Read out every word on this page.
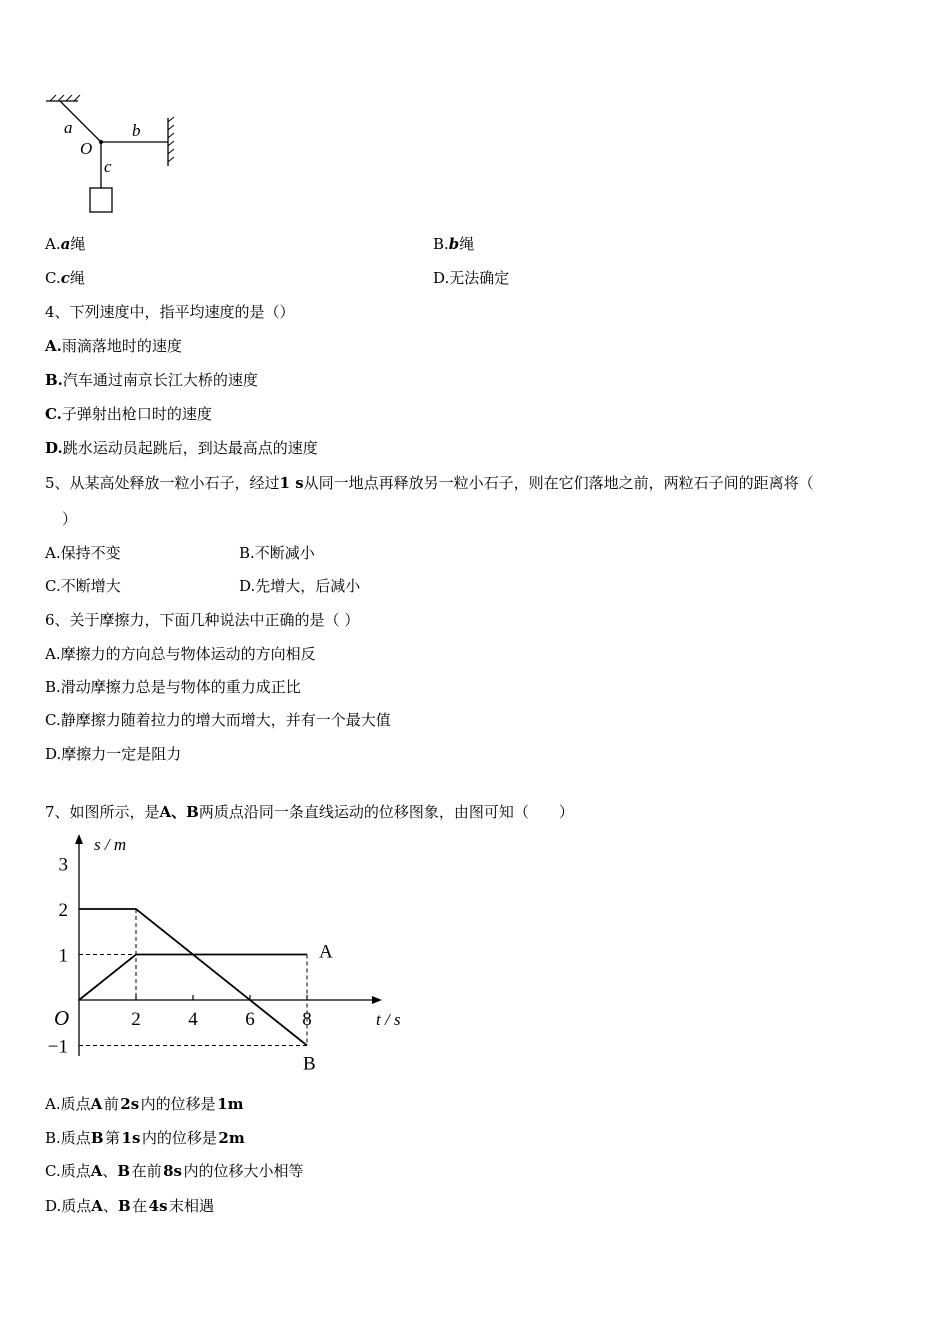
a	b
O
c
A.a绳	B.b绳
C.c绳	D.无法确定
4、下列速度中，指平均速度的是（）
A.雨滴落地时的速度
B.汽车通过南京长江大桥的速度
C.子弹射出枪口时的速度
D.跳水运动员起跳后，到达最高点的速度
5、从某高处释放一粒小石子，经过1 s从同一地点再释放另一粒小石子，则在它们落地之前，两粒石子间的距离将（
）
A.保持不变	B.不断减小
C.不断增大	D.先增大，后减小
6、关于摩擦力，下面几种说法中正确的是（ ）
A.摩擦力的方向总与物体运动的方向相反
B.滑动摩擦力总是与物体的重力成正比
C.静摩擦力随着拉力的增大而增大，并有一个最大值
D.摩擦力一定是阻力
7、如图所示，是A、B两质点沿同一条直线运动的位移图象，由图可知（　　）
2	4	6	8
3
2
1
−1
A
B
s / m
t / s
O
A.质点A  前  2s  内的位移是  1m
B.质点B  第  1s  内的位移是  2m
C.质点A、B  在前  8s  内的位移大小相等
D.质点A、B  在  4s  末相遇
